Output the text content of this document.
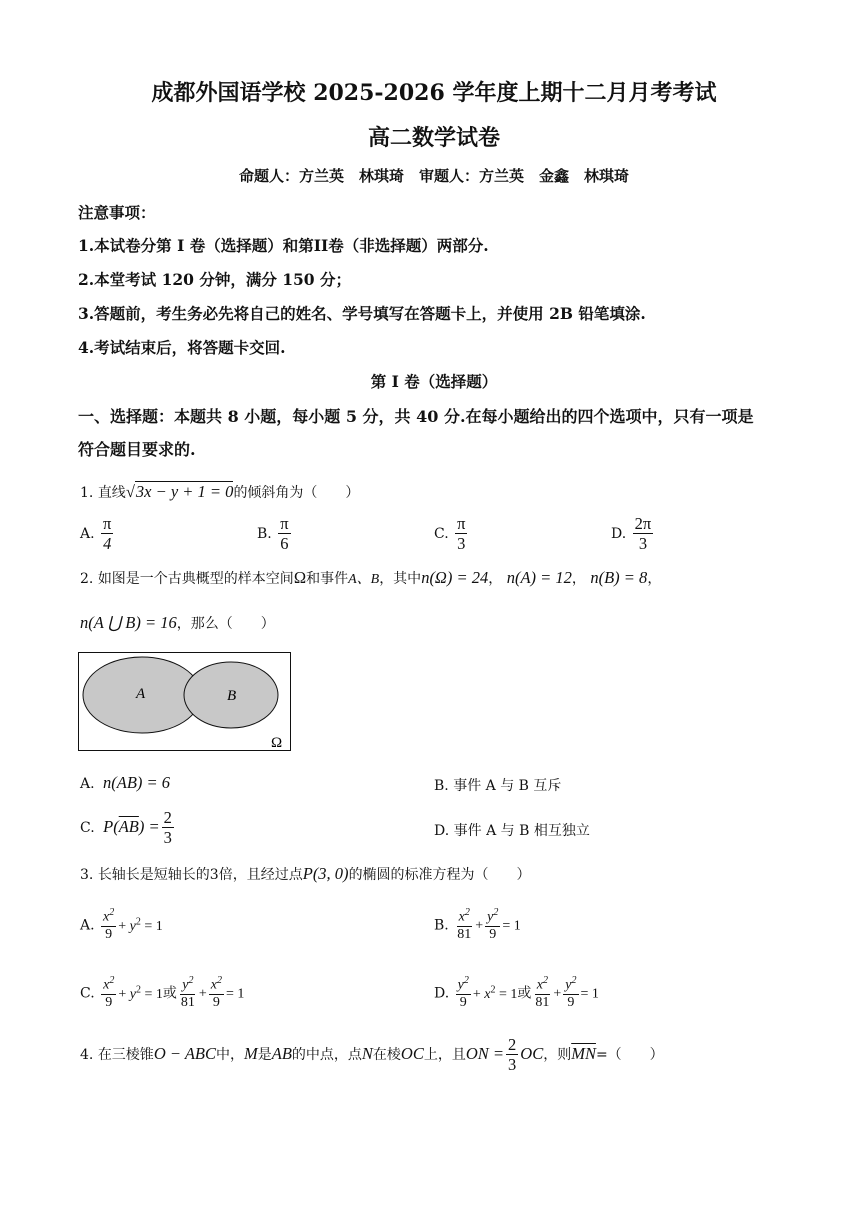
成都外国语学校 2025-2026 学年度上期十二月月考考试
高二数学试卷
命题人：方兰英　林琪琦　审题人：方兰英　金鑫　林琪琦
注意事项：
1.本试卷分第 I 卷（选择题）和第II卷（非选择题）两部分.
2.本堂考试 120 分钟，满分 150 分；
3.答题前，考生务必先将自己的姓名、学号填写在答题卡上，并使用 2B 铅笔填涂.
4.考试结束后，将答题卡交回.
第 I 卷（选择题）
一、选择题：本题共 8 小题，每小题 5 分，共 40 分.在每小题给出的四个选项中，只有一项是
符合题目要求的.
1. 直线√3x − y + 1 = 0的倾斜角为（　　）
A. $\frac{\pi}{4}$	B. $\frac{\pi}{6}$	C. $\frac{\pi}{3}$	D. $\frac{2\pi}{3}$
2. 如图是一个古典概型的样本空间Ω和事件A、B，其中n(Ω) = 24， n(A) = 12， n(B) = 8，
n(A ⋃ B) = 16，那么（　　）
A	B
Ω
A. n(AB) = 6	B. 事件 A 与 B 互斥
C. $P(\overline{AB}) = \frac{2}{3}$	D. 事件 A 与 B 相互独立
3. 长轴长是短轴长的3倍，且经过点P(3, 0)的椭圆的标准方程为（　　）
A. $\frac{x^2}{9} + y^2 = 1$	B. $\frac{x^2}{81} + \frac{y^2}{9} = 1$
C. $\frac{x^2}{9} + y^2 = 1$或 $\frac{y^2}{81} + \frac{x^2}{9} = 1$	D. $\frac{y^2}{9} + x^2 = 1$或 $\frac{x^2}{81} + \frac{y^2}{9} = 1$
4. 在三棱锥O − ABC中，M是AB的中点，点N在棱OC上，且ON = $\frac{2}{3}$ OC，则$\overline{MN}=$（　　）
